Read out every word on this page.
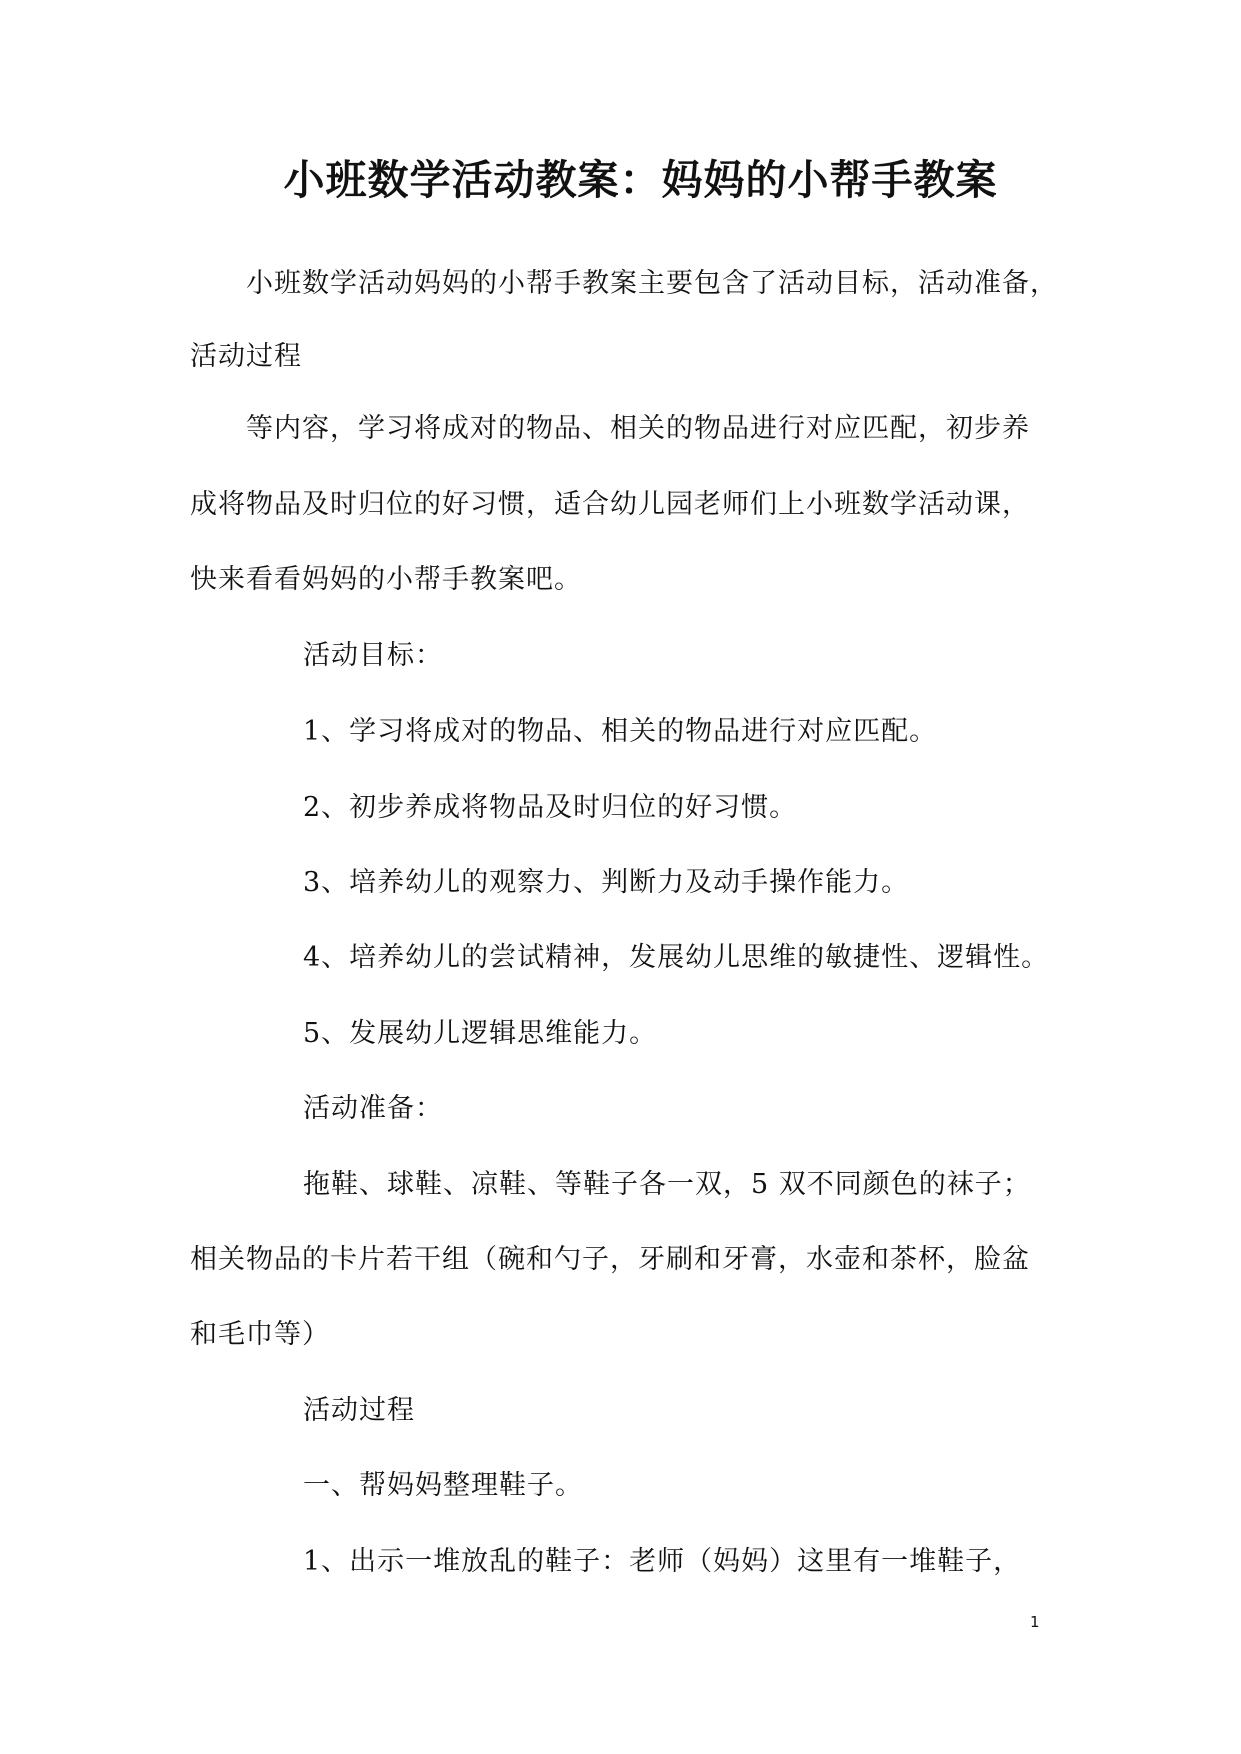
小班数学活动教案：妈妈的小帮手教案
小班数学活动妈妈的小帮手教案主要包含了活动目标，活动准备，
活动过程
等内容，学习将成对的物品、相关的物品进行对应匹配，初步养
成将物品及时归位的好习惯，适合幼儿园老师们上小班数学活动课，
快来看看妈妈的小帮手教案吧。
活动目标：
1、学习将成对的物品、相关的物品进行对应匹配。
2、初步养成将物品及时归位的好习惯。
3、培养幼儿的观察力、判断力及动手操作能力。
4、培养幼儿的尝试精神，发展幼儿思维的敏捷性、逻辑性。
5、发展幼儿逻辑思维能力。
活动准备：
拖鞋、球鞋、凉鞋、等鞋子各一双，5 双不同颜色的袜子；
相关物品的卡片若干组（碗和勺子，牙刷和牙膏，水壶和茶杯，脸盆
和毛巾等）
活动过程
一、帮妈妈整理鞋子。
1、出示一堆放乱的鞋子：老师（妈妈）这里有一堆鞋子，
1
